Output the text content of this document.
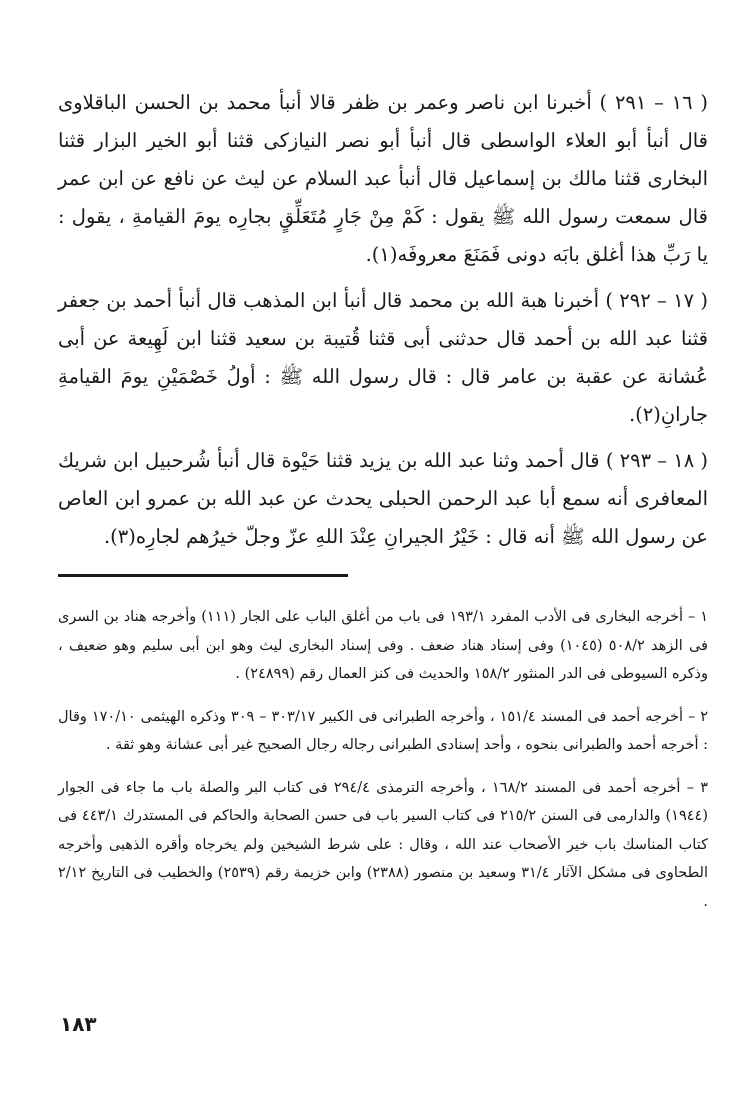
( ١٦ – ٢٩١ ) أخبرنا ابن ناصر وعمر بن ظفر قالا أنبأ محمد بن الحسن الباقلاوى قال أنبأ أبو العلاء الواسطى قال أنبأ أبو نصر النيازكى قثنا أبو الخير البزار قثنا البخارى قثنا مالك بن إسماعيل قال أنبأ عبد السلام عن ليث عن نافع عن ابن عمر قال سمعت رسول الله ﷺ يقول : كَمْ مِنْ جَارٍ مُتَعَلِّقٍ بجارِه يومَ القيامةِ ، يقول : يا رَبِّ هذا أغلق بابَه دونى فَمَنَعَ معروفَه(١).

( ١٧ – ٢٩٢ ) أخبرنا هبة الله بن محمد قال أنبأ ابن المذهب قال أنبأ أحمد بن جعفر قثنا عبد الله بن أحمد قال حدثنى أبى قثنا قُتيبة بن سعيد قثنا ابن لَهِيعة عن أبى عُشانة عن عقبة بن عامر قال : قال رسول الله ﷺ : أولُ خَصْمَيْنِ يومَ القيامةِ جارانِ(٢).

( ١٨ – ٢٩٣ ) قال أحمد وثنا عبد الله بن يزيد قثنا حَيْوة قال أنبأ شُرحبيل ابن شريك المعافرى أنه سمع أبا عبد الرحمن الحبلى يحدث عن عبد الله بن عمرو ابن العاص عن رسول الله ﷺ أنه قال : خَيْرُ الجيرانِ عِنْدَ اللهِ عزّ وجلّ خيرُهم لجارِه(٣).

١ – أخرجه البخارى فى الأدب المفرد ١٩٣/١ فى باب من أغلق الباب على الجار (١١١) وأخرجه هناد بن السرى فى الزهد ٥٠٨/٢ (١٠٤٥) وفى إسناد هناد ضعف . وفى إسناد البخارى ليث وهو ابن أبى سليم وهو ضعيف ، وذكره السيوطى فى الدر المنثور ١٥٨/٢ والحديث فى كنز العمال رقم (٢٤٨٩٩) .

٢ – أخرجه أحمد فى المسند ١٥١/٤ ، وأخرجه الطبرانى فى الكبير ٣٠٣/١٧ – ٣٠٩ وذكره الهيثمى ١٧٠/١٠ وقال : أخرجه أحمد والطبرانى بنحوه ، وأحد إسنادى الطبرانى رجاله رجال الصحيح غير أبى عشانة وهو ثقة .

٣ – أخرجه أحمد فى المسند ١٦٨/٢ ، وأخرجه الترمذى ٢٩٤/٤ فى كتاب البر والصلة باب ما جاء فى الجوار (١٩٤٤) والدارمى فى السنن ٢١٥/٢ فى كتاب السير باب فى حسن الصحابة والحاكم فى المستدرك ٤٤٣/١ فى كتاب المناسك باب خير الأصحاب عند الله ، وقال : على شرط الشيخين ولم يخرجاه وأقره الذهبى وأخرجه الطحاوى فى مشكل الآثار ٣١/٤ وسعيد بن منصور (٢٣٨٨) وابن خزيمة رقم (٢٥٣٩) والخطيب فى التاريخ ٢/١٢ .

١٨٣
